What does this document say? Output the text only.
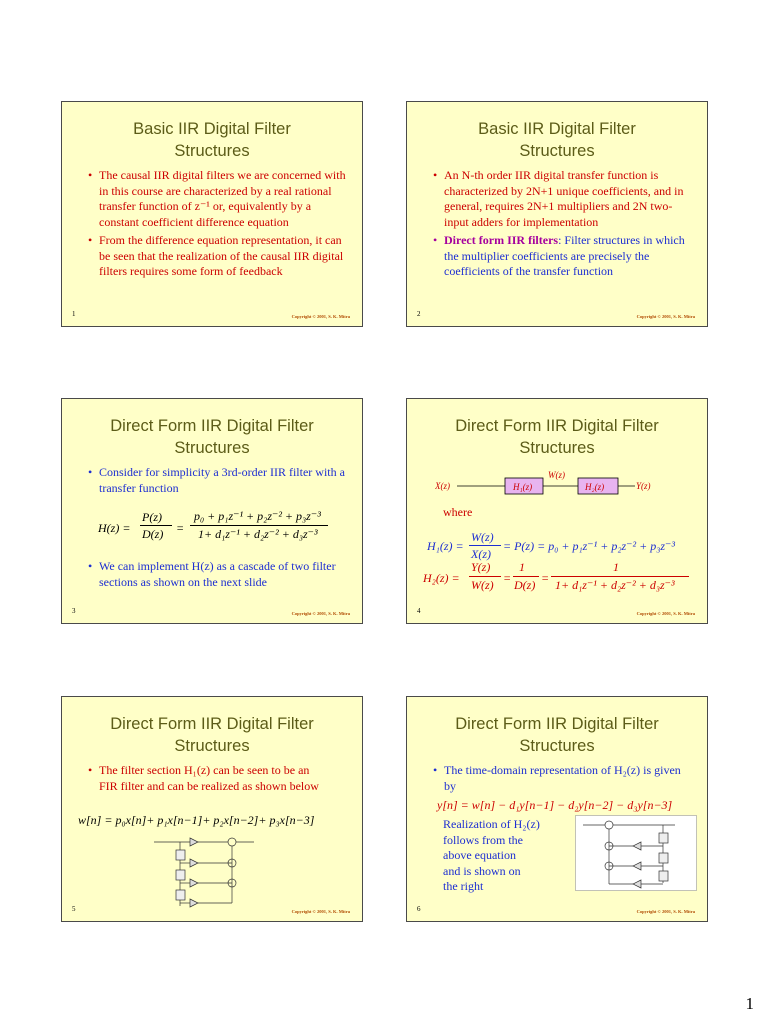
Basic IIR Digital Filter
Structures
• The causal IIR digital filters we are concerned with in this course are characterized by a real rational transfer function of z⁻¹ or, equivalently by a constant coefficient difference equation
• From the difference equation representation, it can be seen that the realization of the causal IIR digital filters requires some form of feedback
1	Copyright © 2001, S. K. Mitra
Basic IIR Digital Filter
Structures
• An N-th order IIR digital transfer function is characterized by 2N+1 unique coefficients, and in general, requires 2N+1 multipliers and 2N two-input adders for implementation
• Direct form IIR filters: Filter structures in which the multiplier coefficients are precisely the coefficients of the transfer function
2	Copyright © 2001, S. K. Mitra
Direct Form IIR Digital Filter
Structures
• Consider for simplicity a 3rd-order IIR filter with a transfer function
H(z) =
P(z)
D(z) =
p₀ + p₁z⁻¹ + p₂z⁻² + p₃z⁻³
1+ d₁z⁻¹ + d₂z⁻² + d₃z⁻³
• We can implement H(z) as a cascade of two filter sections as shown on the next slide
3	Copyright © 2001, S. K. Mitra
Direct Form IIR Digital Filter
Structures
X(z)	H₁(z)
W(z)
H₂(z)	Y(z)
where
H₁(z) =
W(z)
X(z)
= P(z) = p₀ + p₁z⁻¹ + p₂z⁻² + p₃z⁻³
H₂(z) =
Y(z)
W(z) =
1
D(z) =
1
1+ d₁z⁻¹ + d₂z⁻² + d₃z⁻³
4	Copyright © 2001, S. K. Mitra
Direct Form IIR Digital Filter
Structures
• The filter section H₁(z) can be seen to be an FIR filter and can be realized as shown below
w[n] = p₀x[n]+ p₁x[n−1]+ p₂x[n−2]+ p₃x[n−3]
5	Copyright © 2001, S. K. Mitra
Direct Form IIR Digital Filter
Structures
• The time-domain representation of H₂(z) is given by
y[n] = w[n] − d₁y[n−1] − d₂y[n−2] − d₃y[n−3]
Realization of H₂(z)
follows from the
above equation
and is shown on
the right
6	Copyright © 2001, S. K. Mitra
1
